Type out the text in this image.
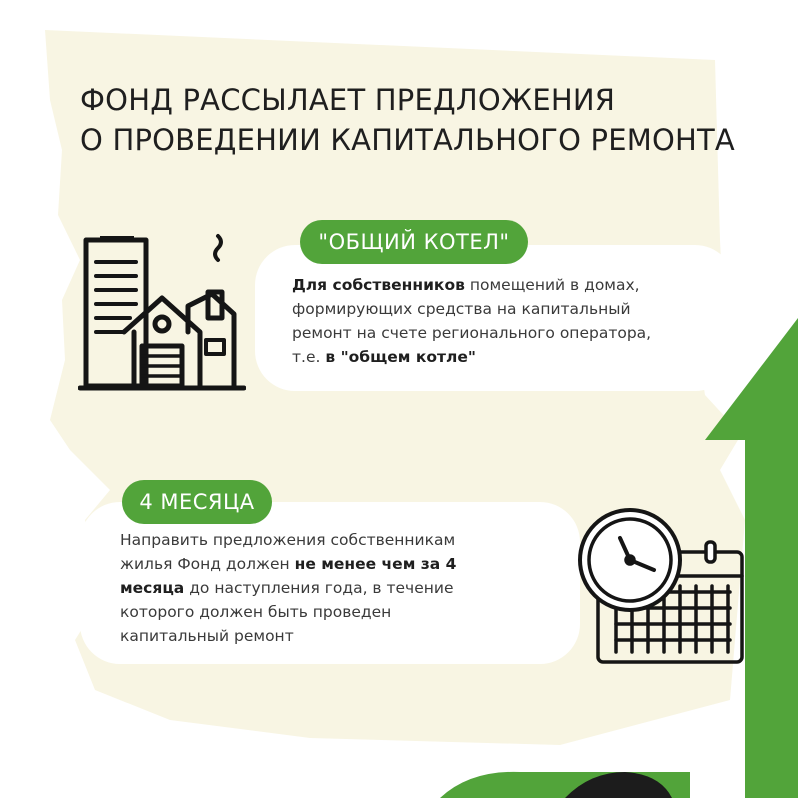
ФОНД РАССЫЛАЕТ ПРЕДЛОЖЕНИЯ
О ПРОВЕДЕНИИ КАПИТАЛЬНОГО РЕМОНТА
"ОБЩИЙ КОТЕЛ"

Для собственников помещений в домах,
формирующих средства на капитальный
ремонт на счете регионального оператора,
т.е. в "общем котле"

4 МЕСЯЦА

Направить предложения собственникам
жилья Фонд должен не менее чем за 4
месяца до наступления года, в течение
которого должен быть проведен
капитальный ремонт
